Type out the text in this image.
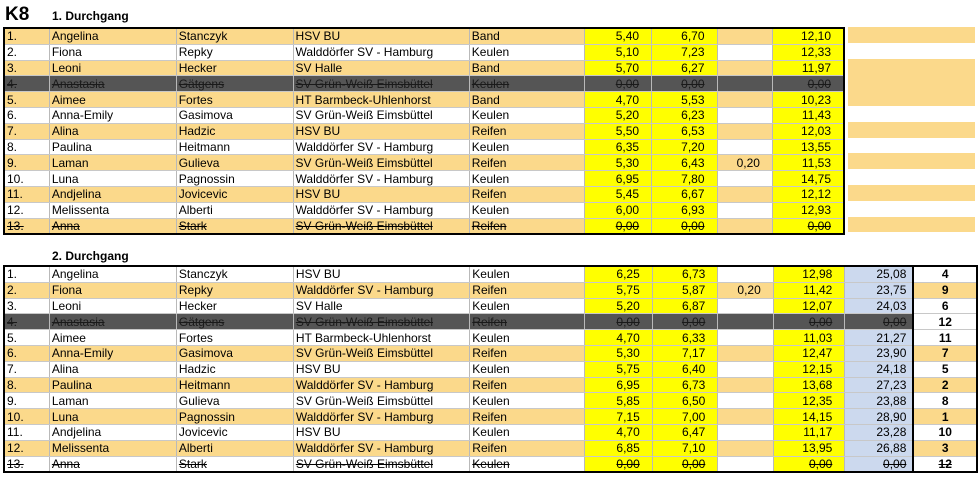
K8 1. Durchgang
2. Durchgang
1.	Angelina	Stanczyk	HSV BU	Band	5,40	6,70		12,10
2.	Fiona	Repky	Walddörfer SV - Hamburg	Keulen	5,10	7,23		12,33
3.	Leoni	Hecker	SV Halle	Band	5,70	6,27		11,97
4.	Anastasia	Gätgens	SV Grün-Weiß Eimsbüttel	Keulen	0,00	0,00		0,00
5.	Aimee	Fortes	HT Barmbeck-Uhlenhorst	Band	4,70	5,53		10,23
6.	Anna-Emily	Gasimova	SV Grün-Weiß Eimsbüttel	Keulen	5,20	6,23		11,43
7.	Alina	Hadzic	HSV BU	Reifen	5,50	6,53		12,03
8.	Paulina	Heitmann	Walddörfer SV - Hamburg	Keulen	6,35	7,20		13,55
9.	Laman	Gulieva	SV Grün-Weiß Eimsbüttel	Reifen	5,30	6,43	0,20	11,53
10.	Luna	Pagnossin	Walddörfer SV - Hamburg	Keulen	6,95	7,80		14,75
11.	Andjelina	Jovicevic	HSV BU	Reifen	5,45	6,67		12,12
12.	Melissenta	Alberti	Walddörfer SV - Hamburg	Keulen	6,00	6,93		12,93
13.	Anna	Stark	SV Grün-Weiß Eimsbüttel	Reifen	0,00	0,00		0,00
1.	Angelina	Stanczyk	HSV BU	Keulen	6,25	6,73		12,98	25,08	4
2.	Fiona	Repky	Walddörfer SV - Hamburg	Reifen	5,75	5,87	0,20	11,42	23,75	9
3.	Leoni	Hecker	SV Halle	Keulen	5,20	6,87		12,07	24,03	6
4.	Anastasia	Gätgens	SV Grün-Weiß Eimsbüttel	Reifen	0,00	0,00		0,00	0,00	12
5.	Aimee	Fortes	HT Barmbeck-Uhlenhorst	Keulen	4,70	6,33		11,03	21,27	11
6.	Anna-Emily	Gasimova	SV Grün-Weiß Eimsbüttel	Reifen	5,30	7,17		12,47	23,90	7
7.	Alina	Hadzic	HSV BU	Keulen	5,75	6,40		12,15	24,18	5
8.	Paulina	Heitmann	Walddörfer SV - Hamburg	Reifen	6,95	6,73		13,68	27,23	2
9.	Laman	Gulieva	SV Grün-Weiß Eimsbüttel	Keulen	5,85	6,50		12,35	23,88	8
10.	Luna	Pagnossin	Walddörfer SV - Hamburg	Reifen	7,15	7,00		14,15	28,90	1
11.	Andjelina	Jovicevic	HSV BU	Keulen	4,70	6,47		11,17	23,28	10
12.	Melissenta	Alberti	Walddörfer SV - Hamburg	Reifen	6,85	7,10		13,95	26,88	3
13.	Anna	Stark	SV Grün-Weiß Eimsbüttel	Keulen	0,00	0,00		0,00	0,00	12
